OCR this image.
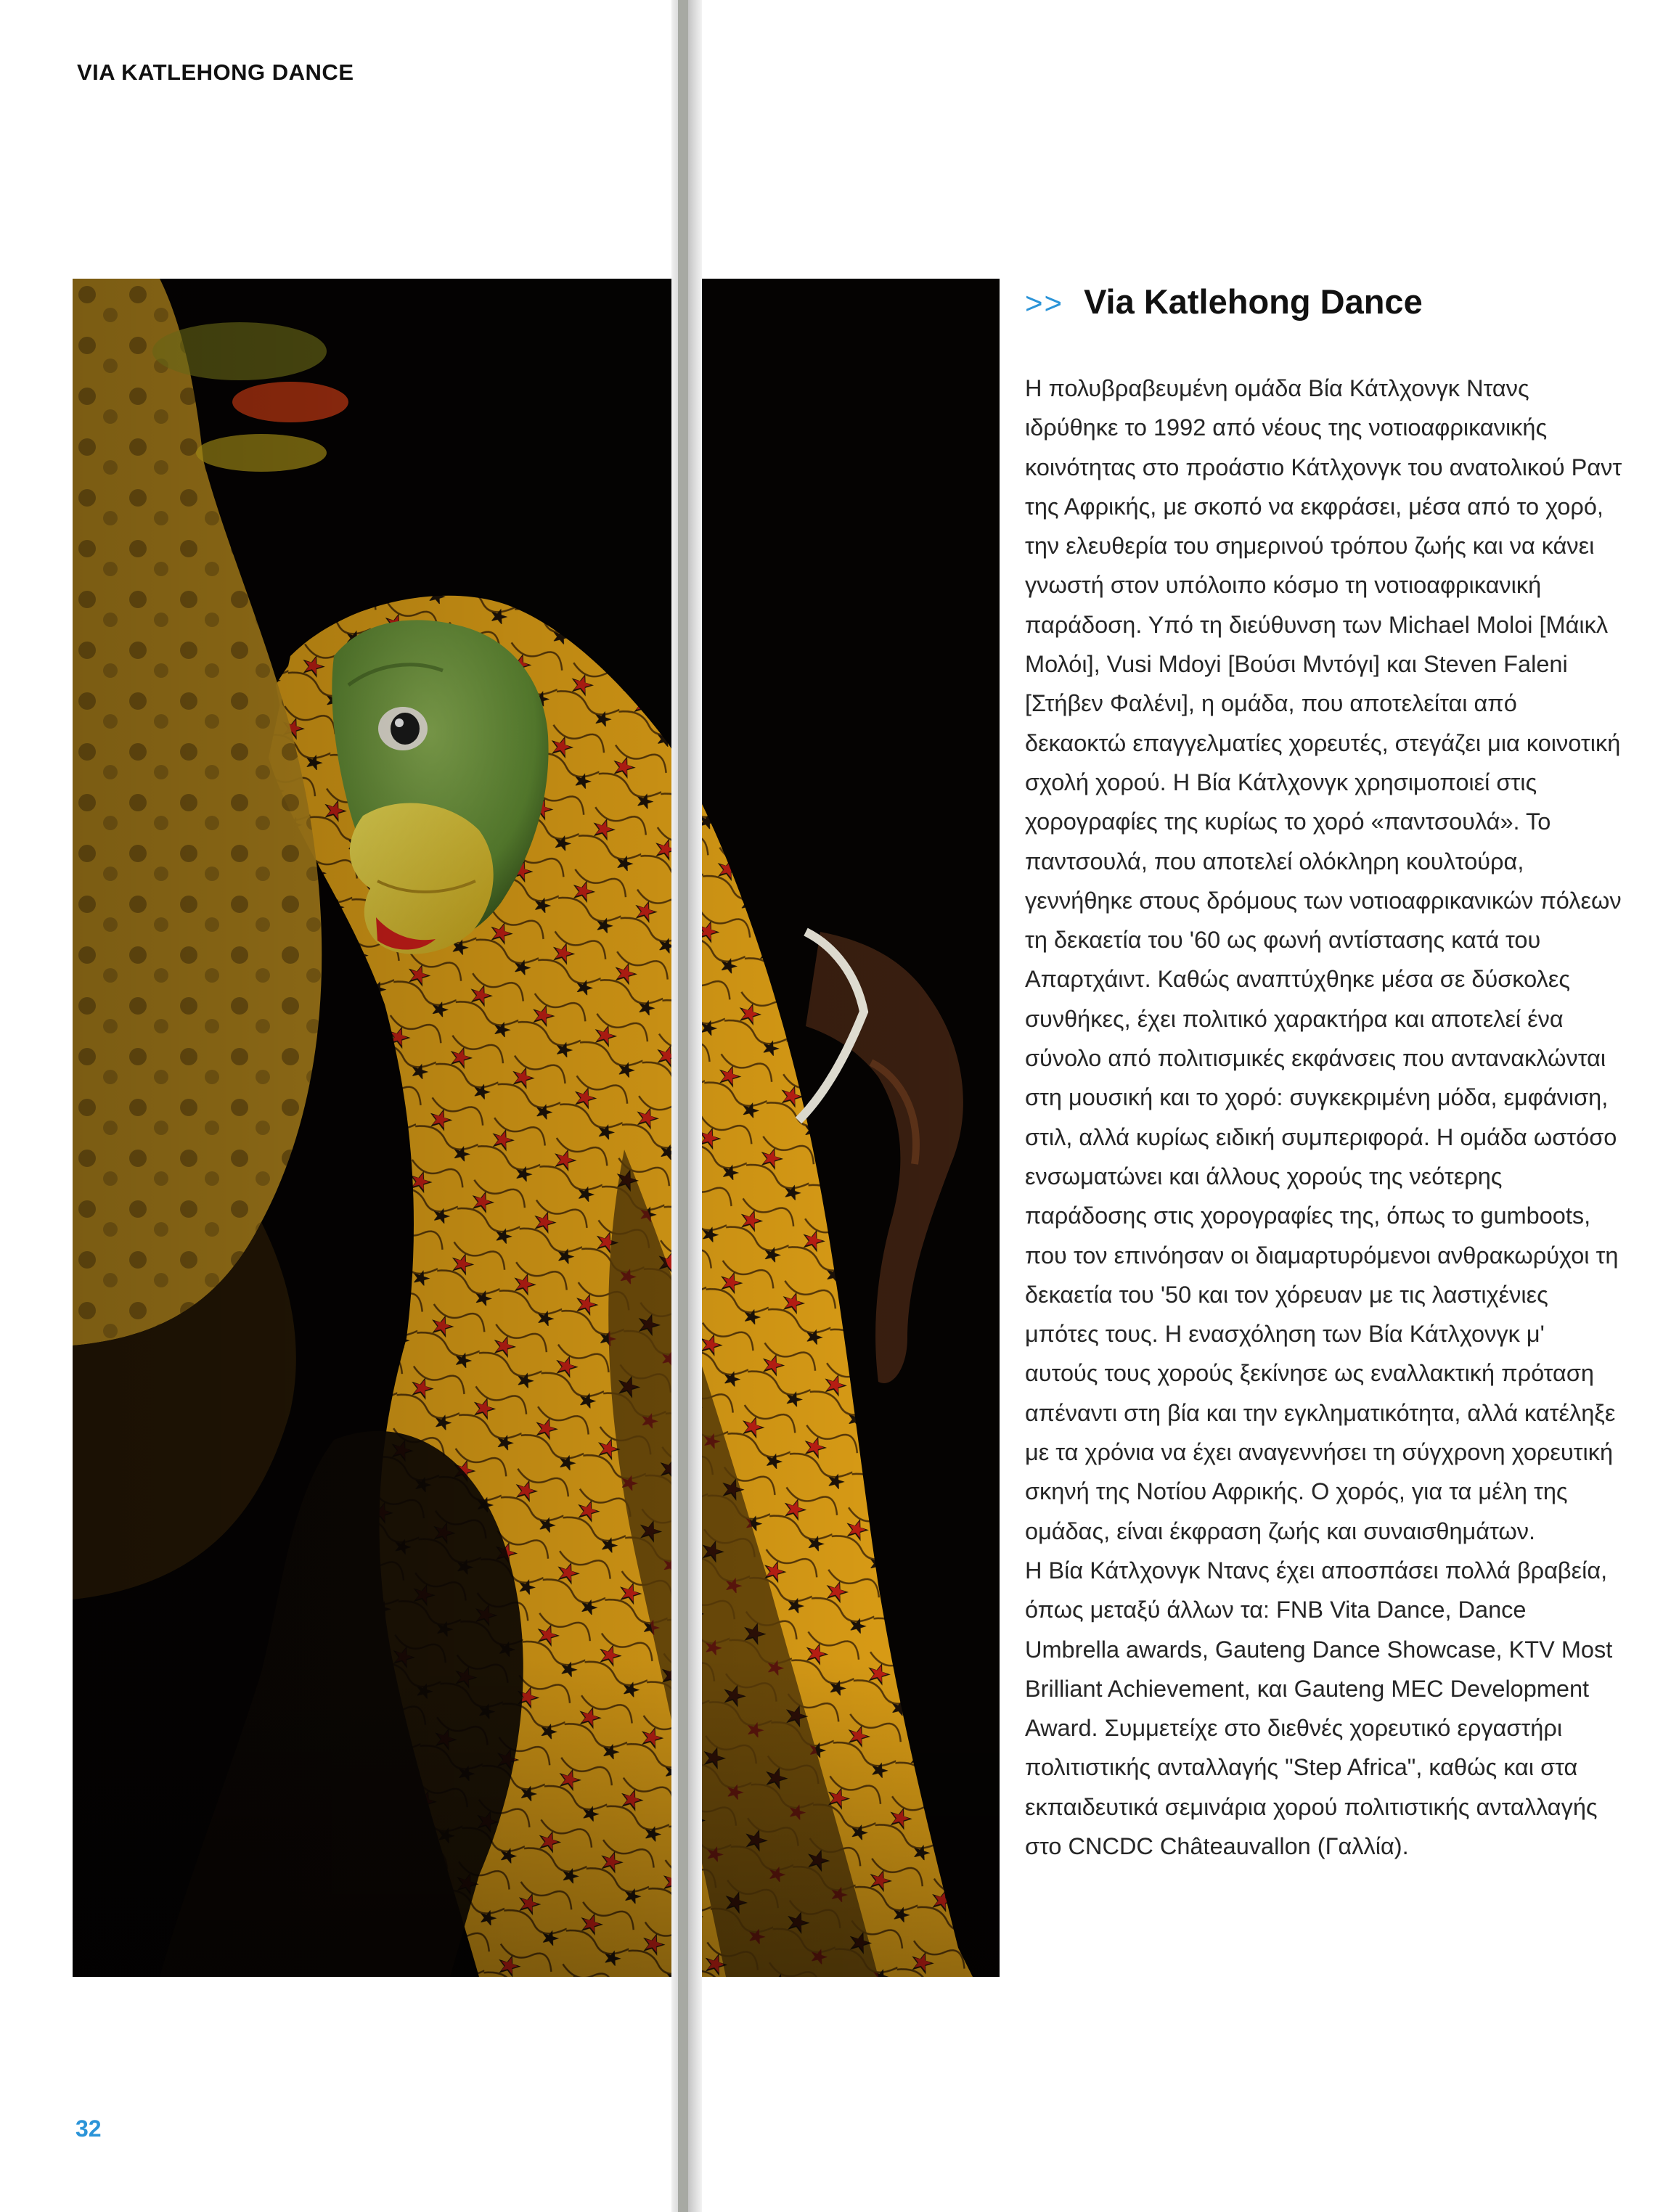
VIA KATLEHONG DANCE
>> Via Katlehong Dance

Η πολυβραβευμένη ομάδα Βία Κάτλχονγκ Ντανς ιδρύθηκε το 1992 από νέους της νοτιοαφρικανικής κοινότητας στο προάστιο Κάτλχονγκ του ανατολικού Ραντ της Αφρικής, με σκοπό να εκφράσει, μέσα από το χορό, την ελευθερία του σημερινού τρόπου ζωής και να κάνει γνωστή στον υπόλοιπο κόσμο τη νοτιοαφρικανική παράδοση. Υπό τη διεύθυνση των Michael Moloi [Μάικλ Μολόι], Vusi Mdoyi [Βούσι Μντόγι] και Steven Faleni [Στήβεν Φαλένι], η ομάδα, που αποτελείται από δεκαοκτώ επαγγελματίες χορευτές, στεγάζει μια κοινοτική σχολή χορού. Η Βία Κάτλχονγκ χρησιμοποιεί στις χορογραφίες της κυρίως το χορό «παντσουλά». Το παντσουλά, που αποτελεί ολόκληρη κουλτούρα, γεννήθηκε στους δρόμους των νοτιοαφρικανικών πόλεων τη δεκαετία του '60 ως φωνή αντίστασης κατά του Απαρτχάιντ. Καθώς αναπτύχθηκε μέσα σε δύσκολες συνθήκες, έχει πολιτικό χαρακτήρα και αποτελεί ένα σύνολο από πολιτισμικές εκφάνσεις που αντανακλώνται στη μουσική και το χορό: συγκεκριμένη μόδα, εμφάνιση, στιλ, αλλά κυρίως ειδική συμπεριφορά. Η ομάδα ωστόσο ενσωματώνει και άλλους χορούς της νεότερης παράδοσης στις χορογραφίες της, όπως το gumboots, που τον επινόησαν οι διαμαρτυρόμενοι ανθρακωρύχοι τη δεκαετία του '50 και τον χόρευαν με τις λαστιχένιες μπότες τους. Η ενασχόληση των Βία Κάτλχονγκ μ' αυτούς τους χορούς ξεκίνησε ως εναλλακτική πρόταση απέναντι στη βία και την εγκληματικότητα, αλλά κατέληξε με τα χρόνια να έχει αναγεννήσει τη σύγχρονη χορευτική σκηνή της Νοτίου Αφρικής. Ο χορός, για τα μέλη της ομάδας, είναι έκφραση ζωής και συναισθημάτων.

Η Βία Κάτλχονγκ Ντανς έχει αποσπάσει πολλά βραβεία, όπως μεταξύ άλλων τα: FNB Vita Dance, Dance Umbrella awards, Gauteng Dance Showcase, KTV Most Brilliant Achievement, και Gauteng MEC Development Award. Συμμετείχε στο διεθνές χορευτικό εργαστήρι πολιτιστικής ανταλλαγής "Step Africa", καθώς και στα εκπαιδευτικά σεμινάρια χορού πολιτιστικής ανταλλαγής στο CNCDC Châteauvallon (Γαλλία).

32
